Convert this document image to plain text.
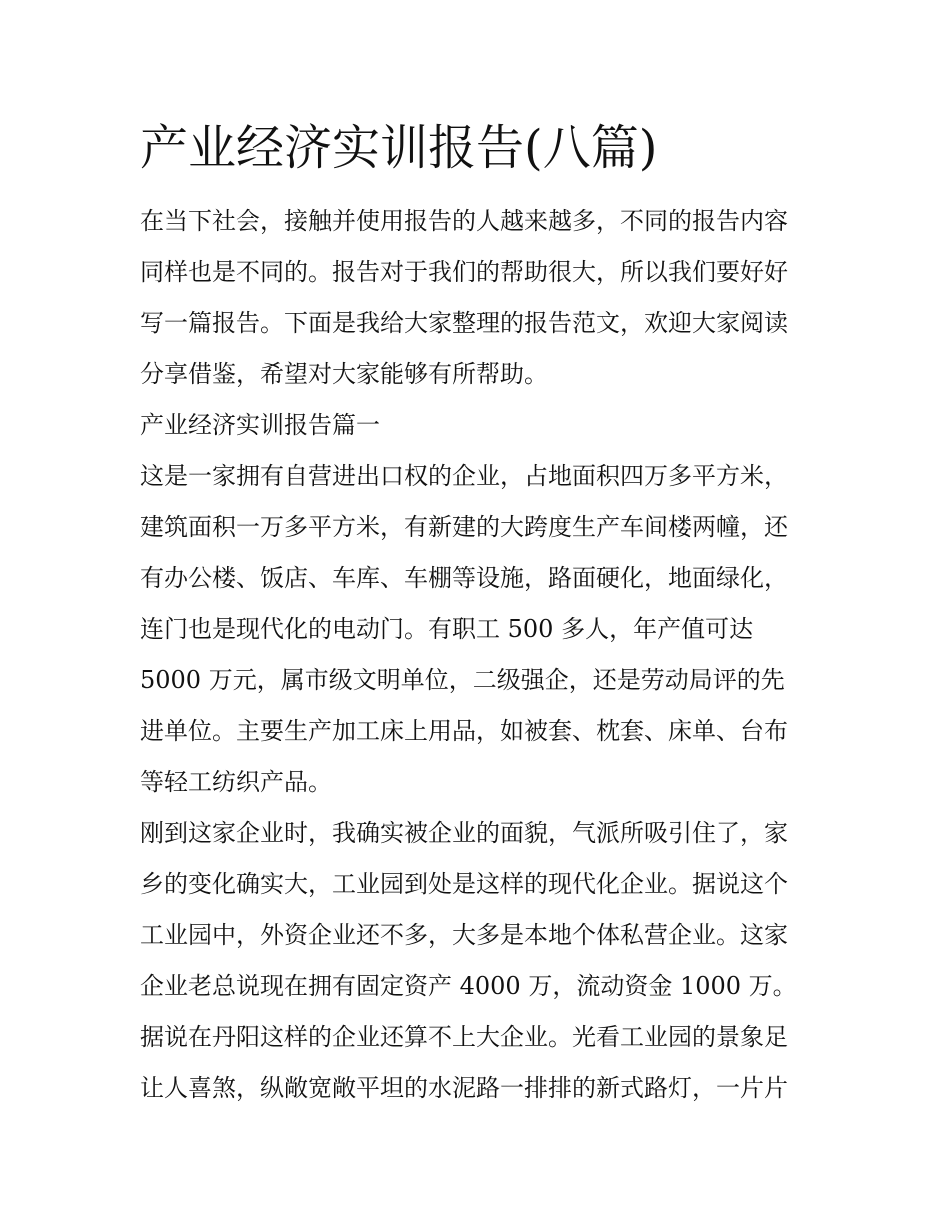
产业经济实训报告(八篇)

在当下社会，接触并使用报告的人越来越多，不同的报告内容

同样也是不同的。报告对于我们的帮助很大，所以我们要好好

写一篇报告。下面是我给大家整理的报告范文，欢迎大家阅读

分享借鉴，希望对大家能够有所帮助。

产业经济实训报告篇一

这是一家拥有自营进出口权的企业，占地面积四万多平方米，

建筑面积一万多平方米，有新建的大跨度生产车间楼两幢，还

有办公楼、饭店、车库、车棚等设施，路面硬化，地面绿化，

连门也是现代化的电动门。有职工 500 多人，年产值可达

5000 万元，属市级文明单位，二级强企，还是劳动局评的先

进单位。主要生产加工床上用品，如被套、枕套、床单、台布

等轻工纺织产品。

刚到这家企业时，我确实被企业的面貌，气派所吸引住了，家

乡的变化确实大，工业园到处是这样的现代化企业。据说这个

工业园中，外资企业还不多，大多是本地个体私营企业。这家

企业老总说现在拥有固定资产 4000 万，流动资金 1000 万。

据说在丹阳这样的企业还算不上大企业。光看工业园的景象足

让人喜煞，纵敞宽敞平坦的水泥路一排排的新式路灯，一片片
